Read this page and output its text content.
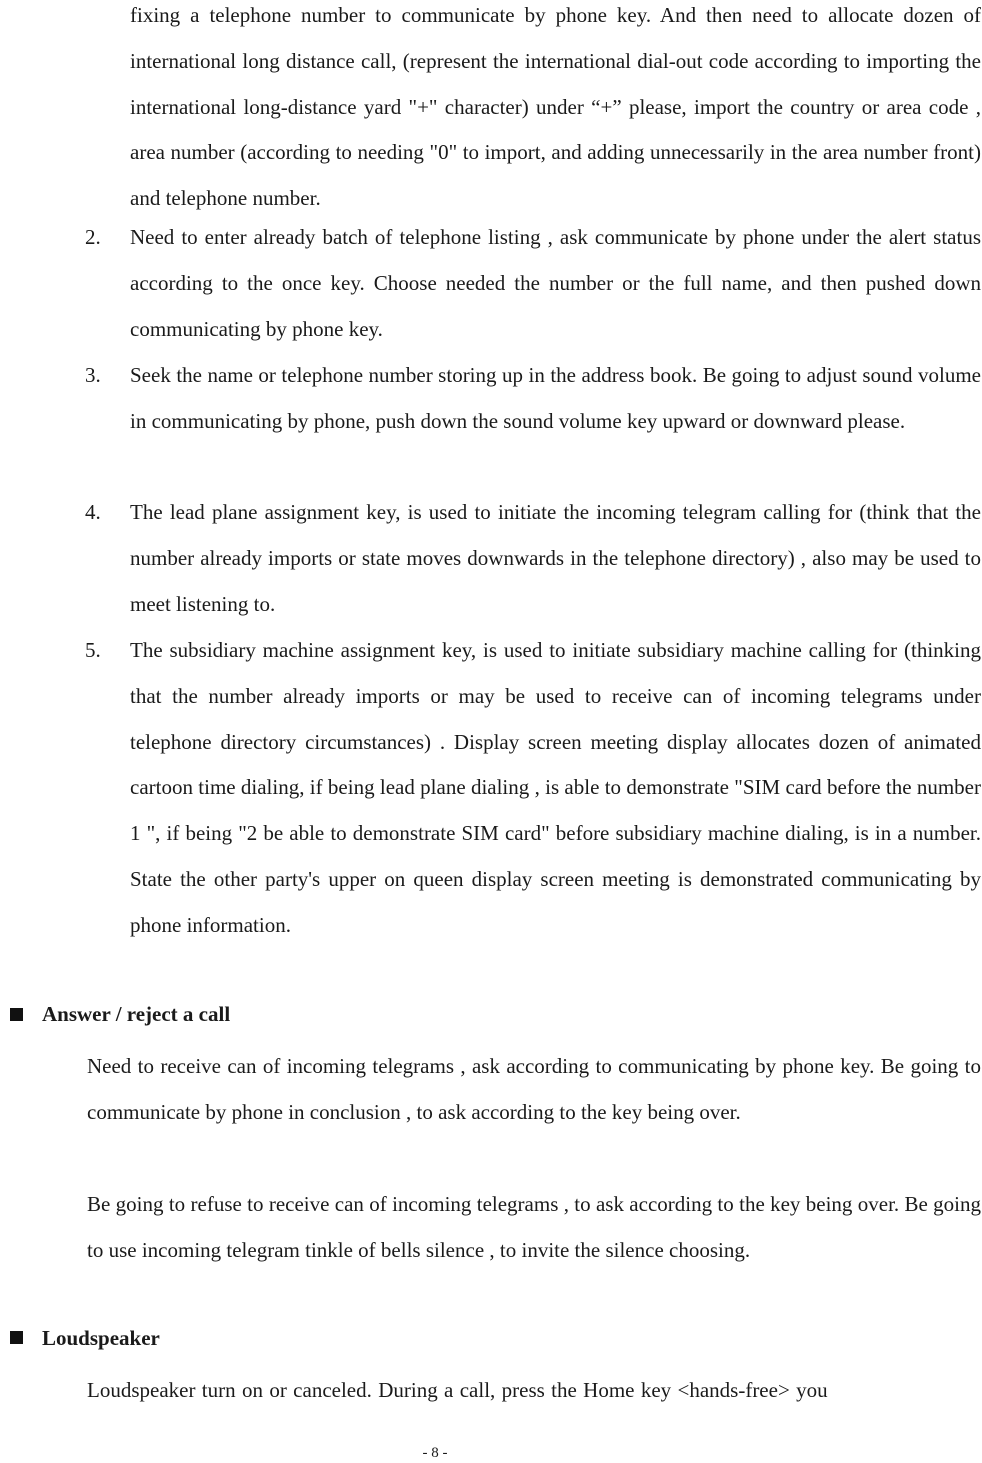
fixing a telephone number to communicate by phone key. And then need to allocate dozen of international long distance call, (represent the international dial-out code according to importing the international long-distance yard "+" character) under “+” please, import the country or area code , area number (according to needing "0" to import, and adding unnecessarily in the area number front) and telephone number.
2. Need to enter already batch of telephone listing , ask communicate by phone under the alert status according to the once key. Choose needed the number or the full name, and then pushed down communicating by phone key.
3. Seek the name or telephone number storing up in the address book. Be going to adjust sound volume in communicating by phone, push down the sound volume key upward or downward please.
4. The lead plane assignment key, is used to initiate the incoming telegram calling for (think that the number already imports or state moves downwards in the telephone directory) , also may be used to meet listening to.
5. The subsidiary machine assignment key, is used to initiate subsidiary machine calling for (thinking that the number already imports or may be used to receive can of incoming telegrams under telephone directory circumstances) . Display screen meeting display allocates dozen of animated cartoon time dialing, if being lead plane dialing , is able to demonstrate "SIM card before the number 1 ", if being "2 be able to demonstrate SIM card" before subsidiary machine dialing, is in a number. State the other party's upper on queen display screen meeting is demonstrated communicating by phone information.
Answer / reject a call
Need to receive can of incoming telegrams , ask according to communicating by phone key. Be going to communicate by phone in conclusion , to ask according to the key being over.
Be going to refuse to receive can of incoming telegrams , to ask according to the key being over. Be going to use incoming telegram tinkle of bells silence , to invite the silence choosing.
Loudspeaker
Loudspeaker turn on or canceled. During a call, press the Home key <hands-free> you
- 8 -
